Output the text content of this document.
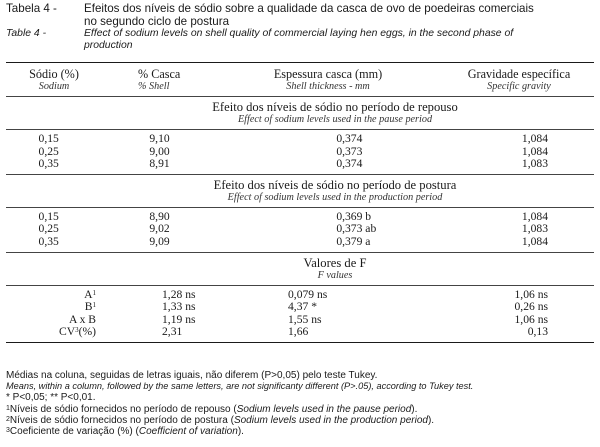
Tabela 4 -	Efeitos dos níveis de sódio sobre a qualidade da casca de ovo de poedeiras comerciais
no segundo ciclo de postura
Table 4 -	Effect of sodium levels on shell quality of commercial laying hen eggs, in the second phase of
production
Sódio (%)	% Casca	Espessura casca (mm)	Gravidade específica
Sodium	% Shell	Shell thickness - mm	Specific gravity
Efeito dos níveis de sódio no período de repouso
Effect of sodium levels used in the pause period
0,15	9,10	0,374	1,084
0,25	9,00	0,373	1,084
0,35	8,91	0,374	1,083
Efeito dos níveis de sódio no período de postura
Effect of sodium levels used in the production period
0,15	8,90	0,369 b	1,084
0,25	9,02	0,373 ab	1,083
0,35	9,09	0,379 a	1,084
Valores de F
F values
$A^1$	1,28 ns	0,079 ns	1,06 ns
$B^1$	1,33 ns	4,37 *	0,26 ns
A x B	1,19 ns	1,55 ns	1,06 ns
$CV^3(\%)$	2,31	1,66	0,13
Médias na coluna, seguidas de letras iguais, não diferem (P>0,05) pelo teste Tukey.
Means, within a column, followed by the same letters, are not significanty different (P>.05), according to Tukey test.
* P<0,05; ** P<0,01.
$^1$Níveis de sódio fornecidos no período de repouso (Sodium levels used in the pause period).
$^2$Níveis de sódio fornecidos no período de postura (Sodium levels used in the production period).
$^3$Coeficiente de variação (%) (Coefficient of variation).
